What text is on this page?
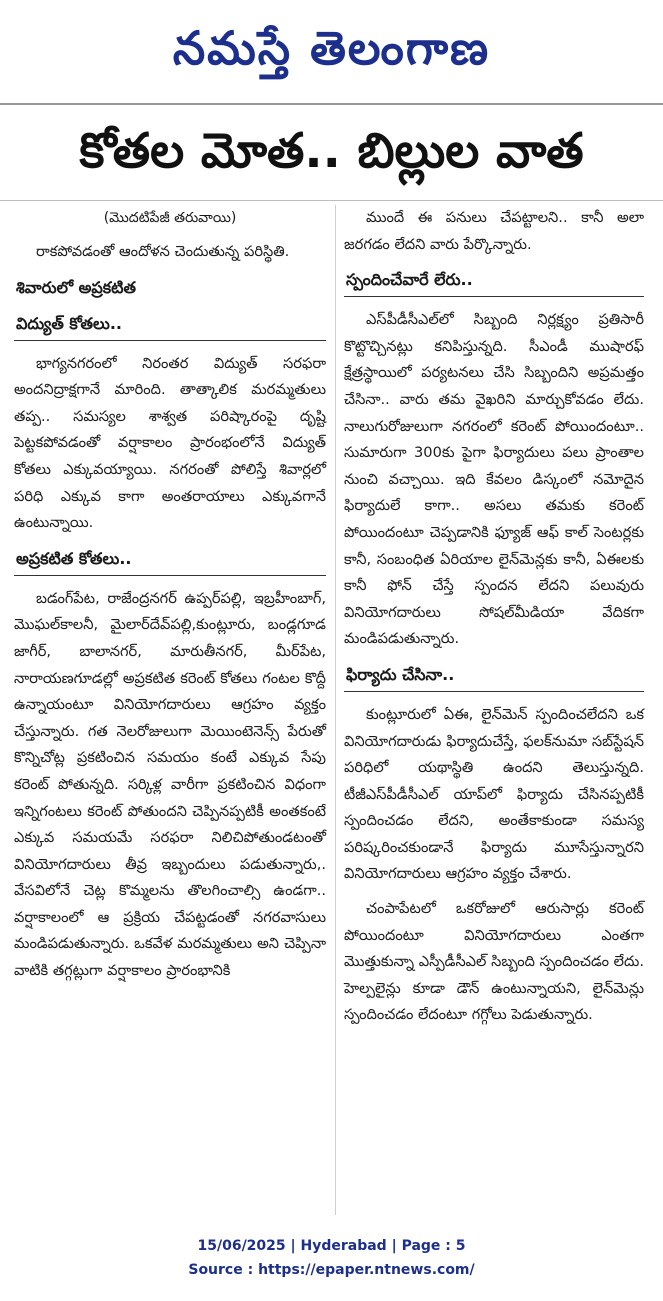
నమస్తే తెలంగాణ
కోతల మోత.. బిల్లుల వాత
(మొదటిపేజీ తరువాయి)

రాకపోవడంతో ఆందోళన చెందుతున్న పరిస్థితి.

శివారులో అప్రకటిత
విద్యుత్ కోతలు..

భాగ్యనగరంలో నిరంతర విద్యుత్ సరఫరా అందనిద్రాక్షగానే మారింది. తాత్కాలిక మరమ్మతులు తప్ప.. సమస్యల శాశ్వత పరిష్కారంపై దృష్టి పెట్టకపోవడంతో వర్షాకాలం ప్రారంభంలోనే విద్యుత్ కోతలు ఎక్కువయ్యాయి. నగరంతో పోలిస్తే శివార్లలో పరిధి ఎక్కువ కాగా అంతరాయాలు ఎక్కువగానే ఉంటున్నాయి.

అప్రకటిత కోతలు..

బడంగ్‌పేట, రాజేంద్రనగర్ ఉప్పర్‌పల్లి, ఇబ్రహీంబాగ్, మొఘల్‌కాలనీ, మైలార్‌దేవ్‌పల్లి,కుంట్లూరు, బండ్లగూడ జాగీర్, బాలానగర్, మారుతీనగర్, మీర్‌పేట, నారాయణగూడల్లో అప్రకటిత కరెంట్ కోతలు గంటల కొద్దీ ఉన్నాయంటూ వినియోగదారులు ఆగ్రహం వ్యక్తం చేస్తున్నారు. గత నెలరోజులుగా మెయింటెనెన్స్ పేరుతో కొన్నిచోట్ల ప్రకటించిన సమయం కంటే ఎక్కువ సేపు కరెంట్ పోతున్నది. సర్కిళ్ల వారీగా ప్రకటించిన విధంగా ఇన్నిగంటలు కరెంట్ పోతుందని చెప్పినప్పటికీ అంతకంటే ఎక్కువ సమయమే సరఫరా నిలిచిపోతుండటంతో వినియోగదారులు తీవ్ర ఇబ్బందులు పడుతున్నారు,. వేసవిలోనే చెట్ల కొమ్మలను తొలగించాల్సి ఉండగా.. వర్షాకాలంలో ఆ ప్రక్రియ చేపట్టడంతో నగరవాసులు మండిపడుతున్నారు. ఒకవేళ మరమ్మతులు అని చెప్పినా వాటికి తగ్గట్లుగా వర్షాకాలం ప్రారంభానికి

ముందే ఈ పనులు చేపట్టాలని.. కానీ అలా జరగడం లేదని వారు పేర్కొన్నారు.

స్పందించేవారే లేరు..

ఎస్‌పీడీసీఎల్‌లో సిబ్బంది నిర్లక్ష్యం ప్రతిసారీ కొట్టొచ్చినట్లు కనిపిస్తున్నది. సీఎండీ ముషారఫ్ క్షేత్రస్థాయిలో పర్యటనలు చేసి సిబ్బందిని అప్రమత్తం చేసినా.. వారు తమ వైఖరిని మార్చుకోవడం లేదు. నాలుగురోజులుగా నగరంలో కరెంట్ పోయిందంటూ.. సుమారుగా 300కు పైగా ఫిర్యాదులు పలు ప్రాంతాల నుంచి వచ్చాయి. ఇది కేవలం డిస్కంలో నమోదైన ఫిర్యాదులే కాగా.. అసలు తమకు కరెంట్ పోయిందంటూ చెప్పడానికి ఫ్యూజ్ ఆఫ్ కాల్ సెంటర్లకు కానీ, సంబంధిత ఏరియాల లైన్‌మెన్లకు కానీ, ఏఈలకు కానీ ఫోన్ చేస్తే స్పందన లేదని పలువురు వినియోగదారులు సోషల్‌మీడియా వేదికగా మండిపడుతున్నారు.

ఫిర్యాదు చేసినా..

కుంట్లూరులో ఏఈ, లైన్‌మెన్ స్పందించలేదని ఒక వినియోగదారుడు ఫిర్యాదుచేస్తే, ఫలక్‌నుమా సబ్‌స్టేషన్ పరిధిలో యథాస్థితి ఉందని తెలుస్తున్నది. టీజీఎస్‌పీడీసీఎల్ యాప్‌లో ఫిర్యాదు చేసినప్పటికీ స్పందించడం లేదని, అంతేకాకుండా సమస్య పరిష్కరించకుండానే ఫిర్యాదు మూసేస్తున్నారని వినియోగదారులు ఆగ్రహం వ్యక్తం చేశారు.

చంపాపేటలో ఒకరోజులో ఆరుసార్లు కరెంట్ పోయిందంటూ వినియోగదారులు ఎంతగా మొత్తుకున్నా ఎస్పీడీసీఎల్ సిబ్బంది స్పందించడం లేదు. హెల్పలైన్లు కూడా డౌన్ ఉంటున్నాయని, లైన్‌మెన్లు స్పందించడం లేదంటూ గగ్గోలు పెడుతున్నారు.

15/06/2025 | Hyderabad | Page : 5
Source : https://epaper.ntnews.com/
